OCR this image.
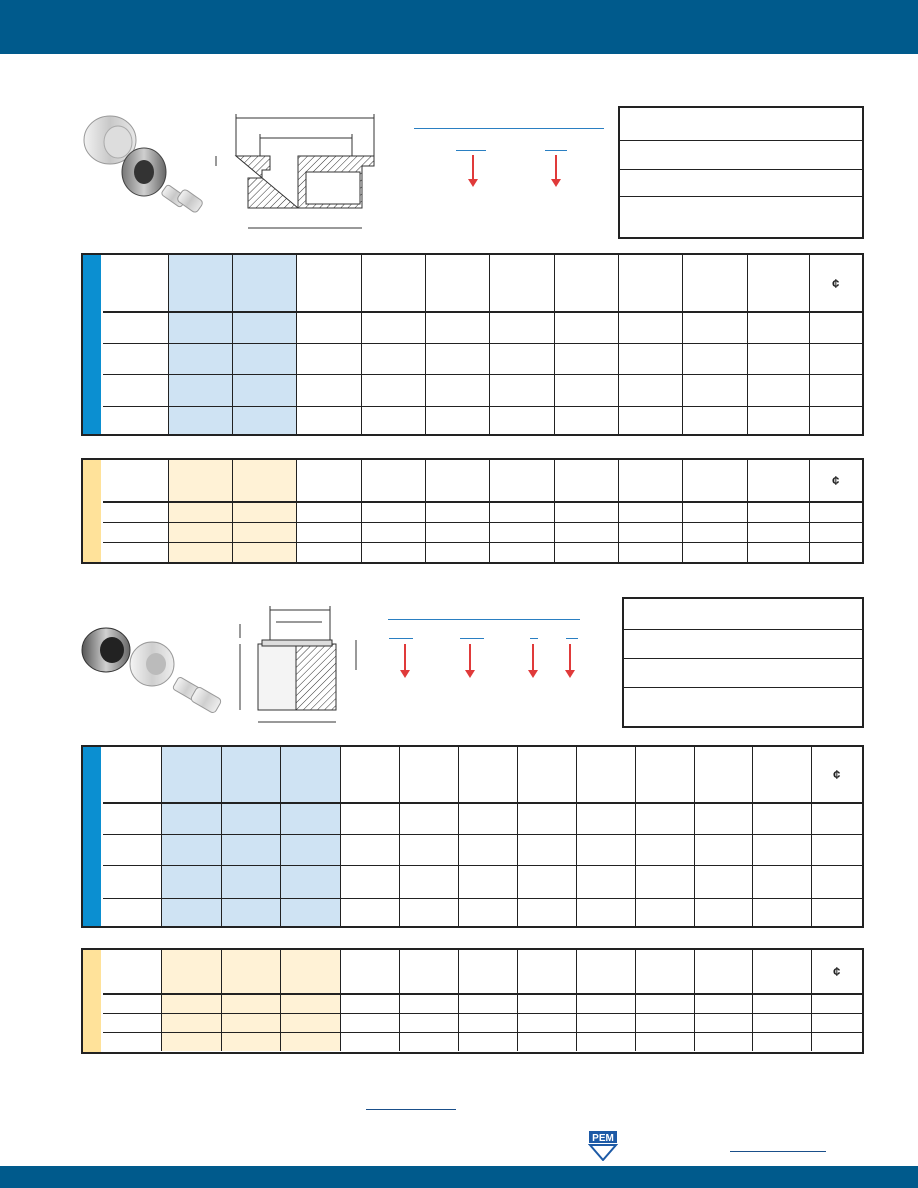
											¢

											¢

												¢

												¢

PEM
